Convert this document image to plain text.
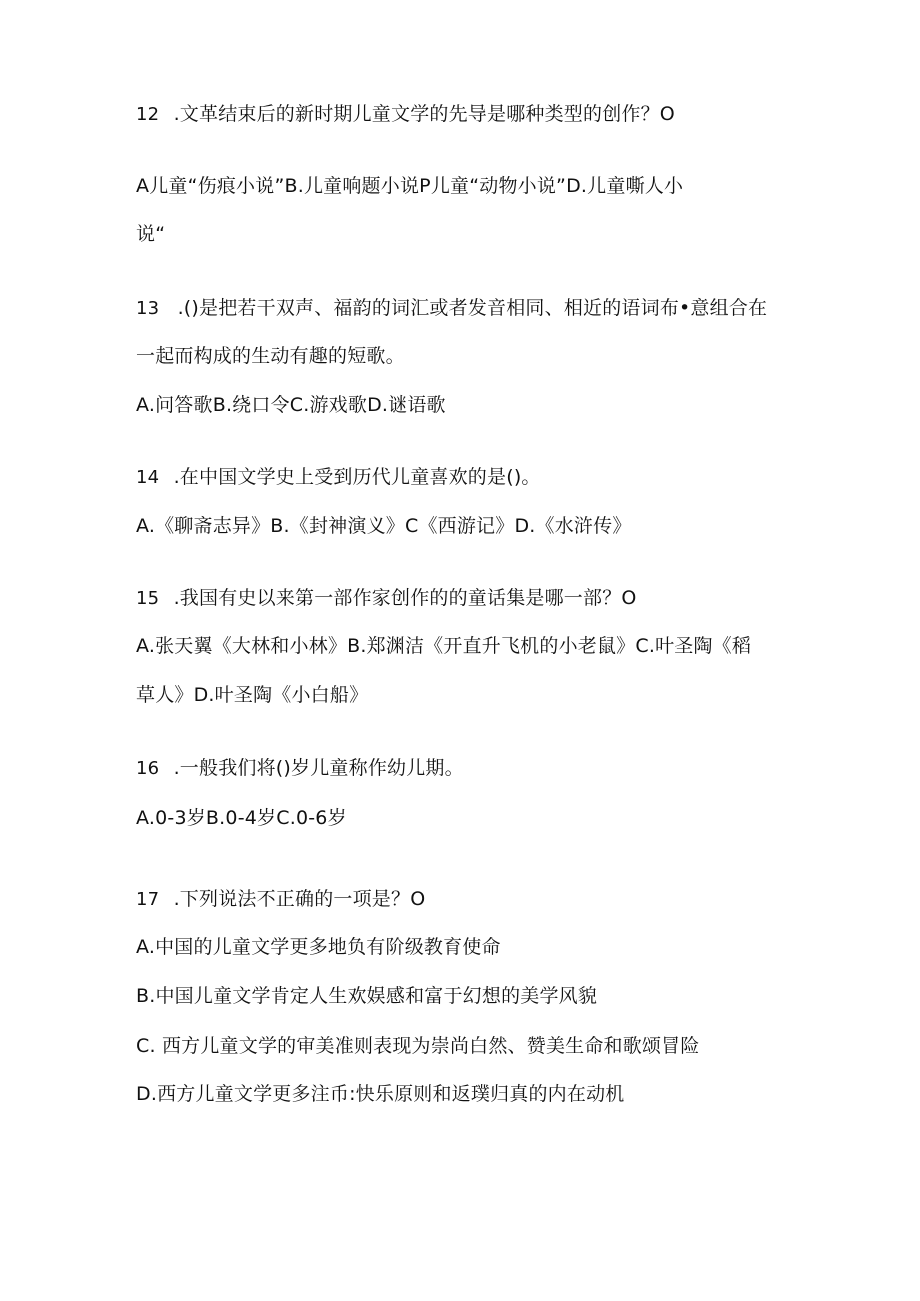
12 .文革结束后的新时期儿童文学的先导是哪种类型的创作？O
A儿童“伤痕小说”B.儿童响题小说P儿童“动物小说”D.儿童嘶人小
说“
13 .()是把若干双声、福韵的词汇或者发音相同、相近的语词布•意组合在
一起而构成的生动有趣的短歌。
A.问答歌B.绕口令C.游戏歌D.谜语歌
14 .在中国文学史上受到历代儿童喜欢的是()。
A.《聊斋志异》B.《封神演义》C《西游记》D.《水浒传》
15 .我国有史以来第一部作家创作的的童话集是哪一部？O
A.张天翼《大林和小林》B.郑渊洁《开直升飞机的小老鼠》C.叶圣陶《稻
草人》D.叶圣陶《小白船》
16 .一般我们将()岁儿童称作幼儿期。
A.0-3岁B.0-4岁C.0-6岁
17 .下列说法不正确的一项是？O
A.中国的儿童文学更多地负有阶级教育使命
B.中国儿童文学肯定人生欢娱感和富于幻想的美学风貌
C. 西方儿童文学的审美准则表现为崇尚白然、赞美生命和歌颂冒险
D.西方儿童文学更多注币:快乐原则和返璞归真的内在动机
